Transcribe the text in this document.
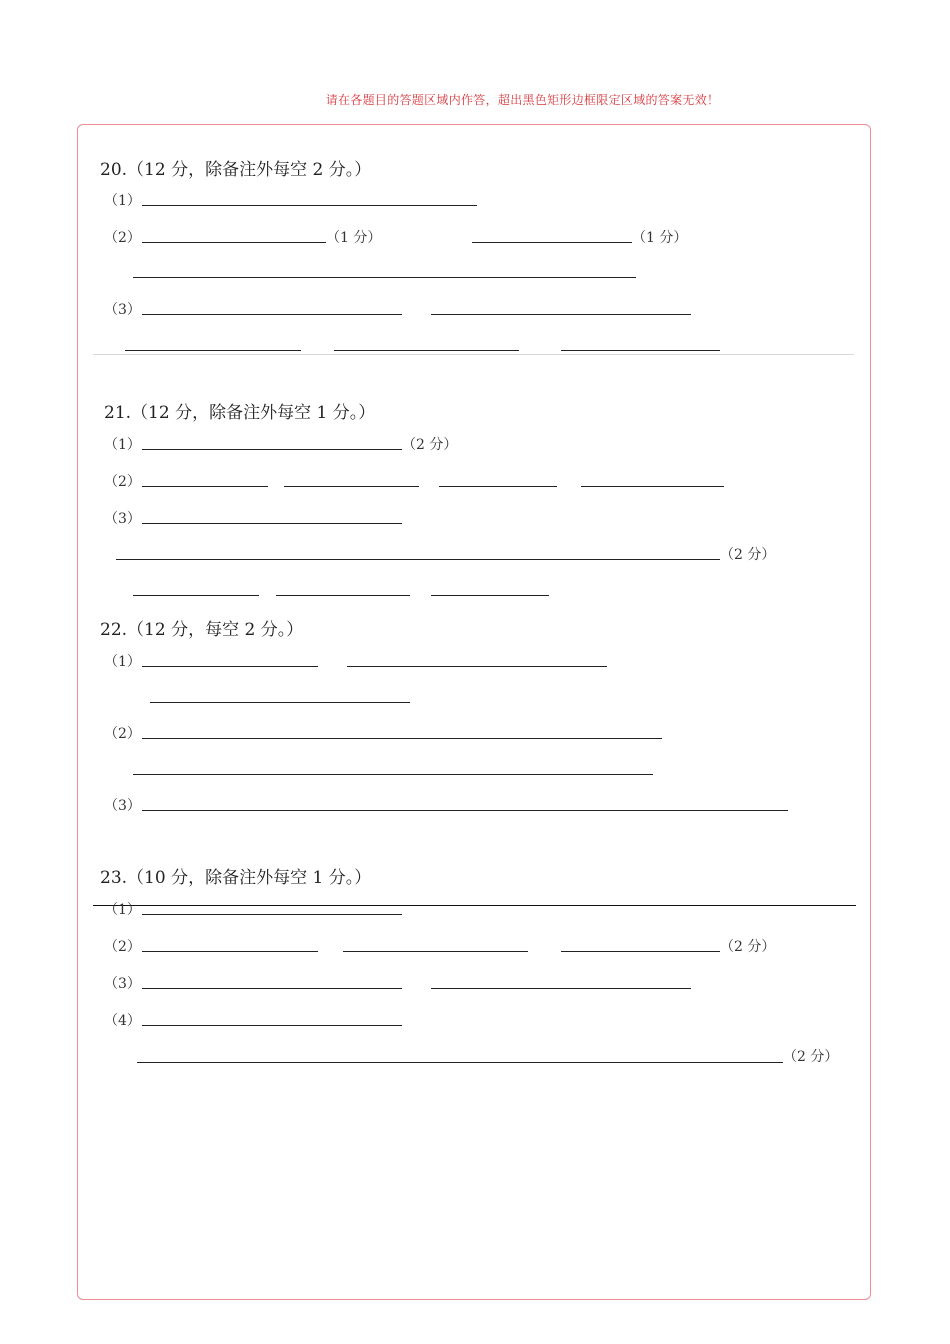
请在各题目的答题区域内作答，超出黑色矩形边框限定区域的答案无效！
20.（12 分，除备注外每空 2 分。）
（1）
（2）	（1 分）	（1 分）
（3）
21.（12 分，除备注外每空 1 分。）
（1）	（2 分）
（2）
（3）
（2 分）
22.（12 分，每空 2 分。）
（1）
（2）
（3）
23.（10 分，除备注外每空 1 分。）
（1）
（2）	（2 分）
（3）
（4）
（2 分）
